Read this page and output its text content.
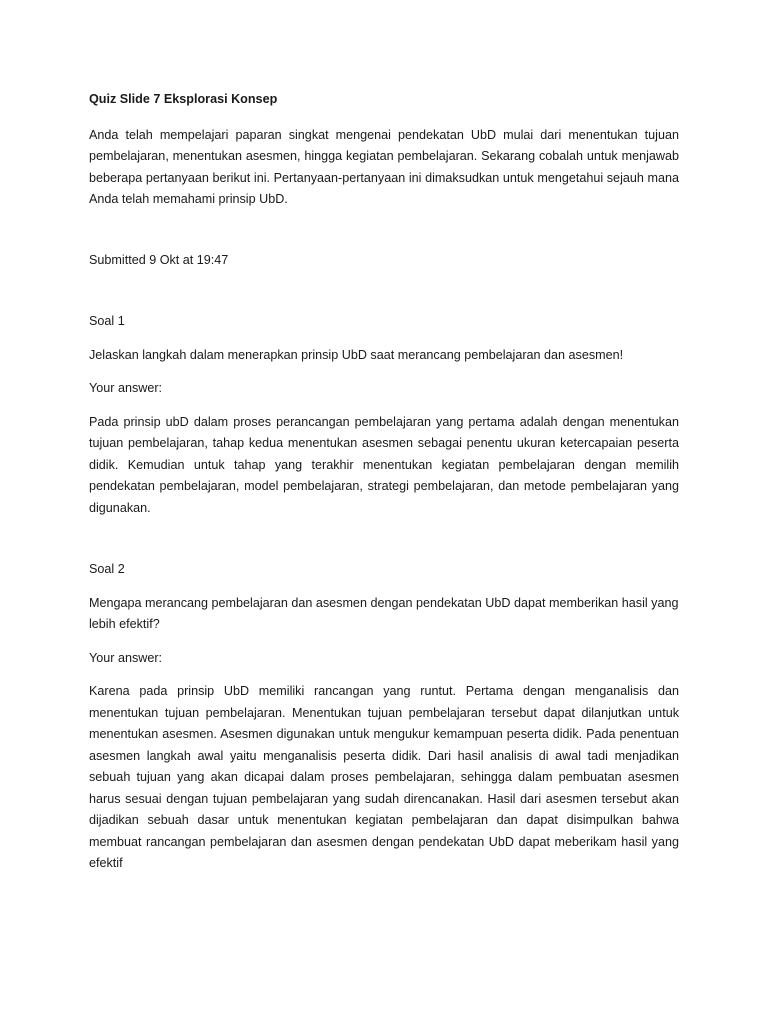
Quiz Slide 7 Eksplorasi Konsep

Anda telah mempelajari paparan singkat mengenai pendekatan UbD mulai dari menentukan tujuan pembelajaran, menentukan asesmen, hingga kegiatan pembelajaran. Sekarang cobalah untuk menjawab beberapa pertanyaan berikut ini. Pertanyaan-pertanyaan ini dimaksudkan untuk mengetahui sejauh mana Anda telah memahami prinsip UbD.

Submitted 9 Okt at 19:47

Soal 1

Jelaskan langkah dalam menerapkan prinsip UbD saat merancang pembelajaran dan asesmen!

Your answer:

Pada prinsip ubD dalam proses perancangan pembelajaran yang pertama adalah dengan menentukan tujuan pembelajaran, tahap kedua menentukan asesmen sebagai penentu ukuran ketercapaian peserta didik. Kemudian untuk tahap yang terakhir menentukan kegiatan pembelajaran dengan memilih pendekatan pembelajaran, model pembelajaran, strategi pembelajaran, dan metode pembelajaran yang digunakan.

Soal 2

Mengapa merancang pembelajaran dan asesmen dengan pendekatan UbD dapat memberikan hasil yang lebih efektif?

Your answer:

Karena pada prinsip UbD memiliki rancangan yang runtut. Pertama dengan menganalisis dan menentukan tujuan pembelajaran. Menentukan tujuan pembelajaran tersebut dapat dilanjutkan untuk menentukan asesmen. Asesmen digunakan untuk mengukur kemampuan peserta didik. Pada penentuan asesmen langkah awal yaitu menganalisis peserta didik. Dari hasil analisis di awal tadi menjadikan sebuah tujuan yang akan dicapai dalam proses pembelajaran, sehingga dalam pembuatan asesmen harus sesuai dengan tujuan pembelajaran yang sudah direncanakan. Hasil dari asesmen tersebut akan dijadikan sebuah dasar untuk menentukan kegiatan pembelajaran dan dapat disimpulkan bahwa membuat rancangan pembelajaran dan asesmen dengan pendekatan UbD dapat meberikam hasil yang efektif
